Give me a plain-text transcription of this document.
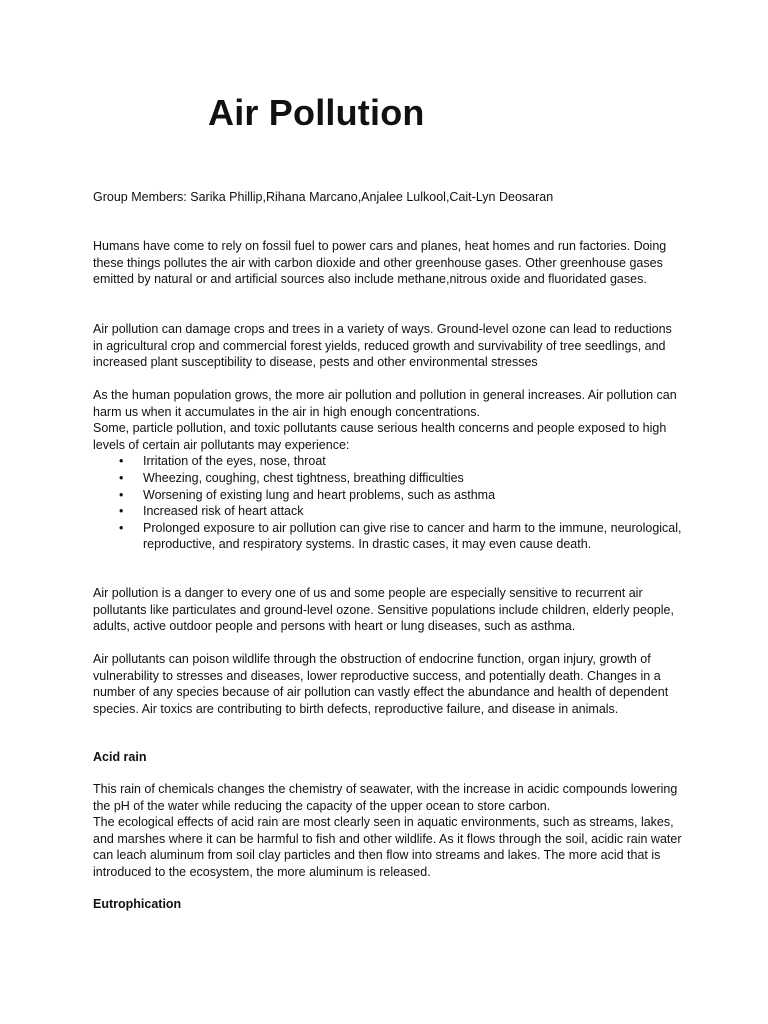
Air Pollution
Group Members: Sarika Phillip,Rihana Marcano,Anjalee Lulkool,Cait-Lyn Deosaran

Humans have come to rely on fossil fuel to power cars and planes, heat homes and run factories. Doing these things pollutes the air with carbon dioxide and other greenhouse gases. Other greenhouse gases emitted by natural or and artificial sources also include methane,nitrous oxide and fluoridated gases.

Air pollution can damage crops and trees in a variety of ways. Ground-level ozone can lead to reductions in agricultural crop and commercial forest yields, reduced growth and survivability of tree seedlings, and increased plant susceptibility to disease, pests and other environmental stresses

As the human population grows, the more air pollution and pollution in general increases. Air pollution can harm us when it accumulates in the air in high enough concentrations.

Some, particle pollution, and toxic pollutants cause serious health concerns and people exposed to high levels of certain air pollutants may experience:

• Irritation of the eyes, nose, throat
• Wheezing, coughing, chest tightness, breathing difficulties
• Worsening of existing lung and heart problems, such as asthma
• Increased risk of heart attack
• Prolonged exposure to air pollution can give rise to cancer and harm to the immune, neurological, reproductive, and respiratory systems. In drastic cases, it may even cause death.

Air pollution is a danger to every one of us and some people are especially sensitive to recurrent air pollutants like particulates and ground-level ozone. Sensitive populations include children, elderly people, adults, active outdoor people and persons with heart or lung diseases, such as asthma.

Air pollutants can poison wildlife through the obstruction of endocrine function, organ injury, growth of vulnerability to stresses and diseases, lower reproductive success, and potentially death. Changes in a number of any species because of air pollution can vastly effect the abundance and health of dependent species. Air toxics are contributing to birth defects, reproductive failure, and disease in animals.

Acid rain

This rain of chemicals changes the chemistry of seawater, with the increase in acidic compounds lowering the pH of the water while reducing the capacity of the upper ocean to store carbon.

The ecological effects of acid rain are most clearly seen in aquatic environments, such as streams, lakes, and marshes where it can be harmful to fish and other wildlife. As it flows through the soil, acidic rain water can leach aluminum from soil clay particles and then flow into streams and lakes. The more acid that is introduced to the ecosystem, the more aluminum is released.

Eutrophication
